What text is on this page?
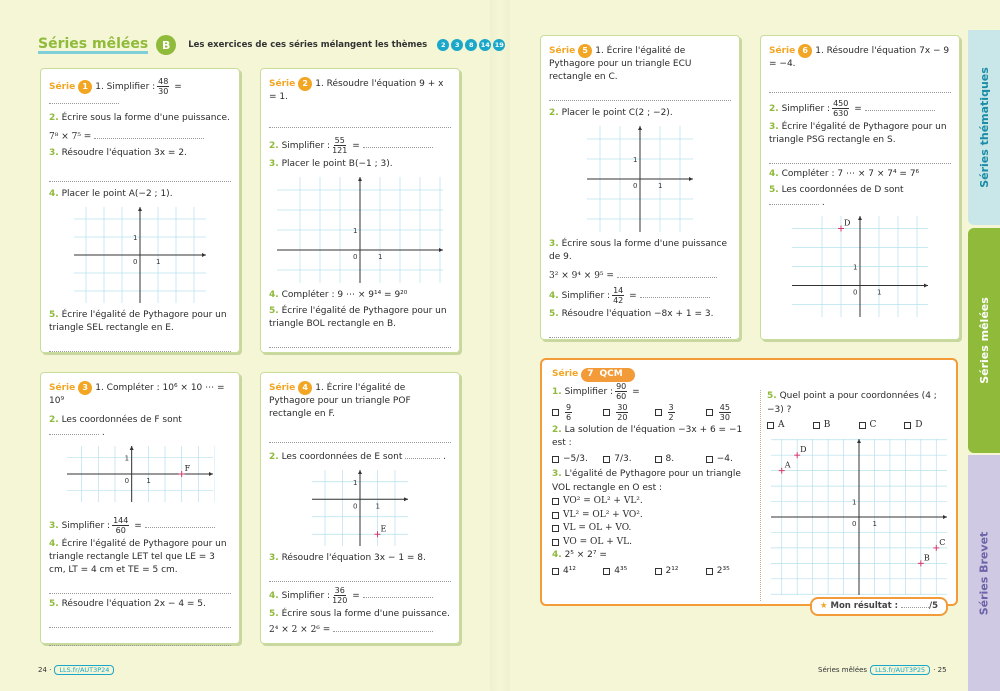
Séries mêlées	B	Les exercices de ces séries mélangent les thèmes	2 3 8 14 19

Série 1 1. Simplifier : $\frac{48}{30}$ =

2. Écrire sous la forme d'une puissance.

7⁸ × 7⁵ =

3. Résoudre l'équation 3x = 2.

4. Placer le point A(−2 ; 1).

0	1
1

5. Écrire l'égalité de Pythagore pour un triangle SEL rectangle en E.

Série 2 1. Résoudre l'équation 9 + x = 1.

2. Simplifier : $\frac{55}{121}$ =

3. Placer le point B(−1 ; 3).

0	1
1

4. Compléter : 9 ⋯ × 9¹⁴ = 9²⁰

5. Écrire l'égalité de Pythagore pour un triangle BOL rectangle en B.

Série 3 1. Compléter : 10⁶ × 10 ⋯ = 10⁹

2. Les coordonnées de F sont  .

0 1
1
F

3. Simplifier : $\frac{144}{60}$ =

4. Écrire l'égalité de Pythagore pour un triangle rectangle LET tel que LE = 3 cm, LT = 4 cm et TE = 5 cm.

5. Résoudre l'équation 2x − 4 = 5.

Série 4 1. Écrire l'égalité de Pythagore pour un triangle POF rectangle en F.

2. Les coordonnées de E sont	.

0	1
1
E

3. Résoudre l'équation 3x − 1 = 8.

4. Simplifier : $\frac{36}{120}$ =

5. Écrire sous la forme d'une puissance.

2⁴ × 2 × 2⁶ =

Série 5 1. Écrire l'égalité de Pythagore pour un triangle ECU rectangle en C.

2. Placer le point C(2 ; −2).

0	1
1

3. Écrire sous la forme d'une puissance de 9.

3² × 9⁴ × 9⁵ =

4. Simplifier : $\frac{14}{42}$ =

5. Résoudre l'équation −8x + 1 = 3.

Série 6 1. Résoudre l'équation 7x − 9 = −4.

2. Simplifier : $\frac{450}{630}$ =

3. Écrire l'égalité de Pythagore pour un triangle PSG rectangle en S.

4. Compléter : 7 ⋯ × 7 × 7⁴ = 7⁶

5. Les coordonnées de D sont  .

0	1
1
D

Série 7 QCM

1. Simplifier : $\frac{90}{60}$ =

$\frac{9}{6}$	$\frac{30}{20}$	$\frac{3}{2}$	$\frac{45}{30}$

2. La solution de l'équation −3x + 6 = −1 est :

−5/3.	7/3.	8.	−4.

3. L'égalité de Pythagore pour un triangle VOL rectangle en O est :

VO² = OL² + VL².
VL² = OL² + VO².
VL = OL + VO.
VO = OL + VL.

4. 2⁵ × 2⁷ =

4¹²	4³⁵	2¹²	2³⁵

5. Quel point a pour coordonnées (4 ; −3) ?

A	B	C	D
0 1
1
A
D
B
C
★ Mon résultat :	/5
Séries thématiques
Séries mêlées
Séries Brevet
24 ·	LLS.fr/AUT3P24	Séries mêlées	LLS.fr/AUT3P25	· 25
